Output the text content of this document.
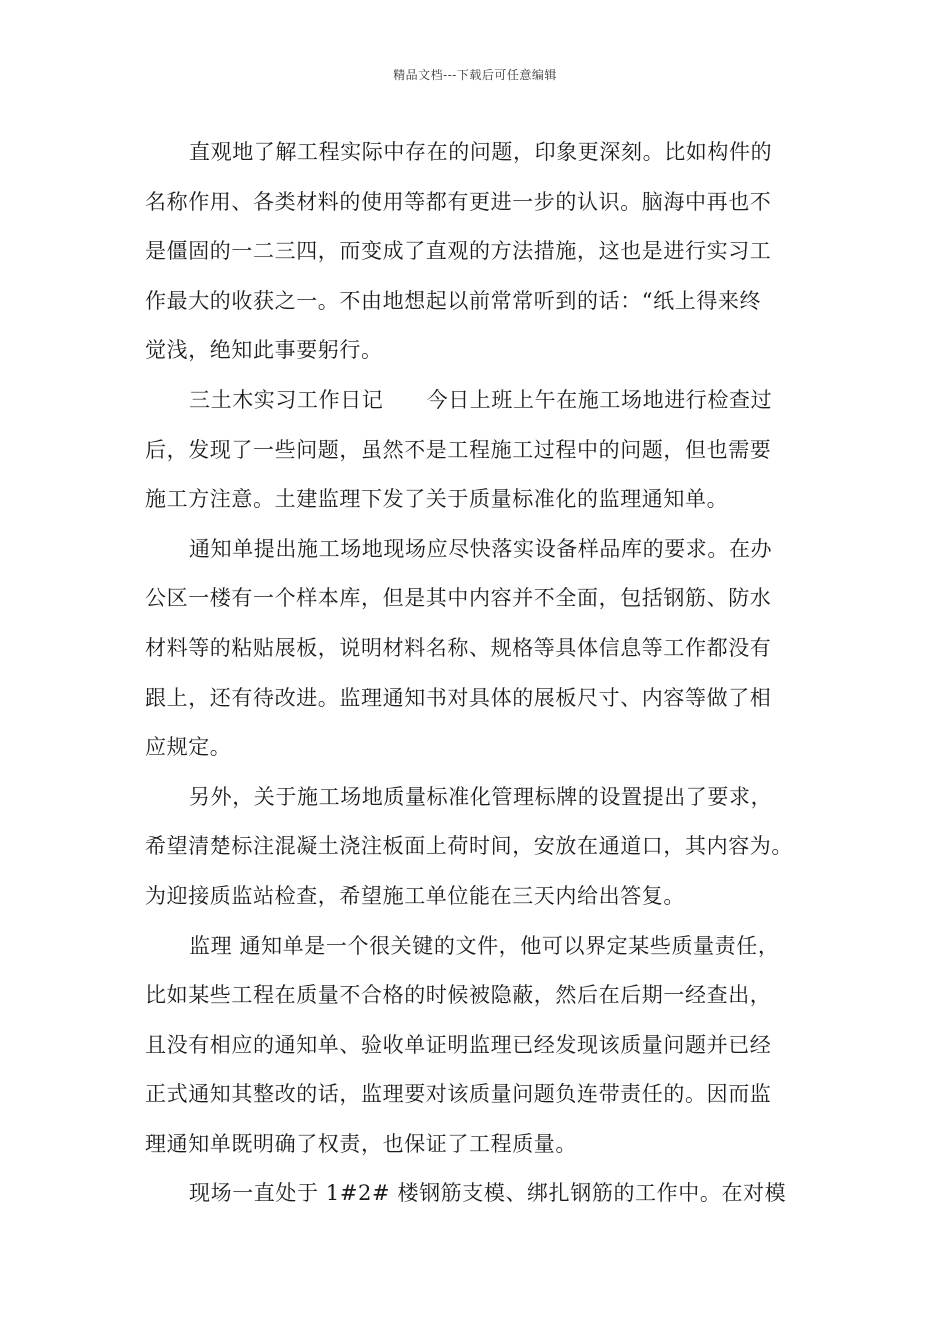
精品文档---下载后可任意编辑
直观地了解工程实际中存在的问题，印象更深刻。比如构件的
名称作用、各类材料的使用等都有更进一步的认识。脑海中再也不
是僵固的一二三四，而变成了直观的方法措施，这也是进行实习工
作最大的收获之一。不由地想起以前常常听到的话：“纸上得来终
觉浅，绝知此事要躬行。
三土木实习工作日记　　今日上班上午在施工场地进行检查过
后，发现了一些问题，虽然不是工程施工过程中的问题，但也需要
施工方注意。土建监理下发了关于质量标准化的监理通知单。
通知单提出施工场地现场应尽快落实设备样品库的要求。在办
公区一楼有一个样本库，但是其中内容并不全面，包括钢筋、防水
材料等的粘贴展板，说明材料名称、规格等具体信息等工作都没有
跟上，还有待改进。监理通知书对具体的展板尺寸、内容等做了相
应规定。
另外，关于施工场地质量标准化管理标牌的设置提出了要求，
希望清楚标注混凝土浇注板面上荷时间，安放在通道口，其内容为。
为迎接质监站检查，希望施工单位能在三天内给出答复。
监理 通知单是一个很关键的文件，他可以界定某些质量责任，
比如某些工程在质量不合格的时候被隐蔽，然后在后期一经查出，
且没有相应的通知单、验收单证明监理已经发现该质量问题并已经
正式通知其整改的话，监理要对该质量问题负连带责任的。因而监
理通知单既明确了权责，也保证了工程质量。
现场一直处于 1#2# 楼钢筋支模、绑扎钢筋的工作中。在对模
